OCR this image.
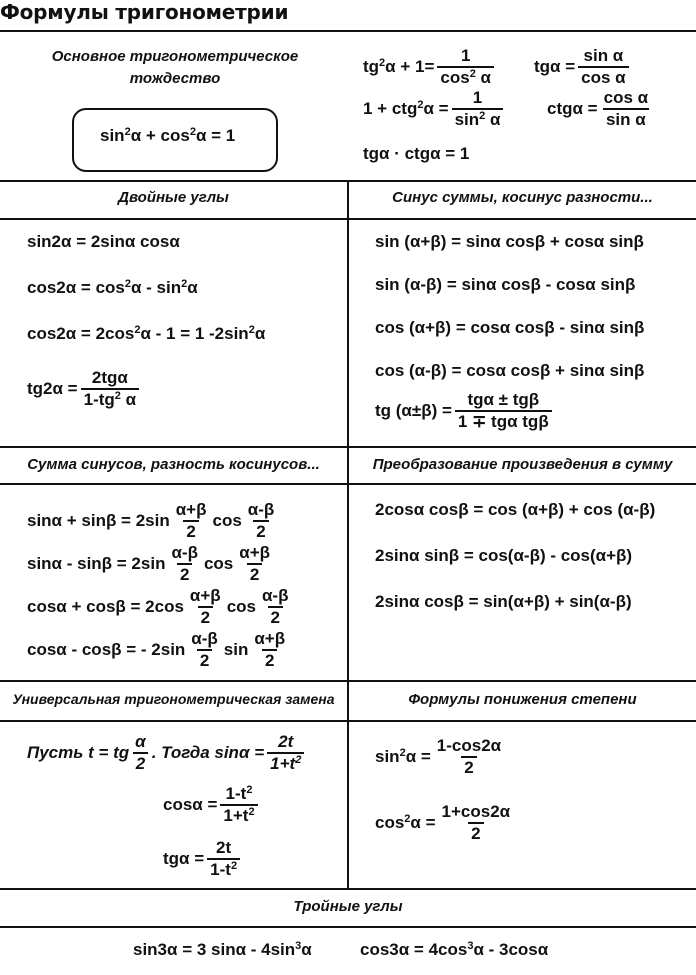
Формулы тригонометрии
Основное тригонометрическое тождество
$\sin^2 \alpha + \cos^2 \alpha = 1$
$tg^2$ $\alpha + 1= \frac{1}{\cos^2 \alpha}$ $tg\alpha = \frac{\text{sin α}}{\text{cos α}}$
1 + ctg$^2$ $\alpha = \frac{1}{\sin^2 \alpha}$	$ctg\alpha = \frac{\text{cos α}}{\text{sin α}}$
tgα · ctgα = 1
Двойные углы	Синус суммы, косинус разности...
sin2α = 2sinα cosα
$\cos 2\alpha = \cos^2 \alpha - \sin^2 \alpha$
$\cos 2\alpha = 2\cos^2$ α - 1 = 1 $-2\sin^2$ α
tg2α =
2tgα
$1-tg^2$ α
sin (α+β) = sinα cosβ + cosα sinβ
sin (α-β) = sinα cosβ - cosα sinβ
cos (α+β) = cosα cosβ - sinα sinβ
cos (α-β) = cosα cosβ + sinα sinβ
tg (α±β) =
tgα ± tgβ
1 ∓ tgα tgβ
Сумма синусов, разность косинусов...	Преобразование произведения в сумму
sinα + sinβ = 2sin
α+β
2
cos
α-β
2
sinα - sinβ = 2sin
α-β
2
cos
α+β
2
cosα + cosβ = 2cos
α+β
2
cos
α-β
2
cosα - cosβ = - 2sin
α-β
2
sin
α+β
2
2cosα cosβ = cos (α+β) + cos (α-β)
2sinα sinβ = cos(α-β) - cos(α+β)
2sinα cosβ = sin(α+β) + sin(α-β)
Универсальная тригонометрическая замена	Формулы понижения степени
Пусть t = tg
α
2
. Тогда $\sin\alpha = \frac{2t}{1+t^2}$
$\cos\alpha = \frac{1-t^2}{1+t^2}$
$tg\alpha = \frac{2t}{1-t^2}$
$\sin^2 \alpha = \frac{1-\cos 2\alpha}{2}$
$\cos^2 \alpha = \frac{1+\cos 2\alpha}{2}$
Тройные углы
sin3α = 3 sinα - $4\sin^3$ α	$\cos 3\alpha = 4\cos^3$ α - 3cosα
